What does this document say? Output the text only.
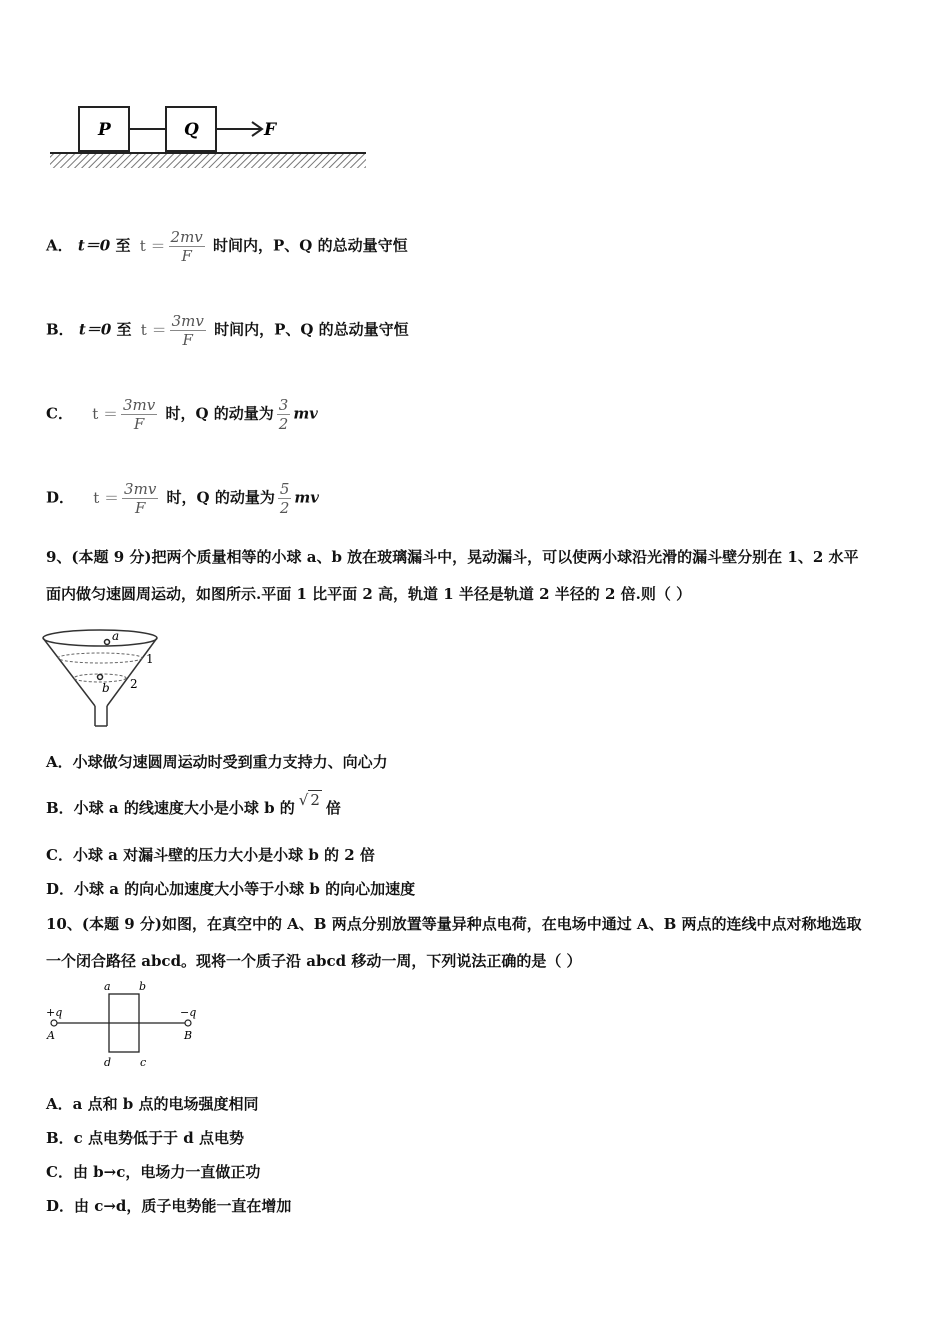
P	Q	F
A． t＝0 至 $t = \frac{2mv}{F}$ 时间内，P、Q 的总动量守恒
B． t＝0 至 $t = \frac{3mv}{F}$ 时间内，P、Q 的总动量守恒
C． $t = \frac{3mv}{F}$ 时，Q 的动量为 $\frac{3}{2}$ mv
D． $t = \frac{3mv}{F}$ 时，Q 的动量为 $\frac{5}{2}$ mv
9、(本题 9 分)把两个质量相等的小球 a、b 放在玻璃漏斗中，晃动漏斗，可以使两小球沿光滑的漏斗壁分别在 1、2 水平
面内做匀速圆周运动，如图所示.平面 1 比平面 2 高，轨道 1 半径是轨道 2 半径的 2 倍.则（ ）
a
b
1
2
A．小球做匀速圆周运动时受到重力支持力、向心力
B．小球 a 的线速度大小是小球 b 的 √ 2 倍
C．小球 a 对漏斗壁的压力大小是小球 b 的 2 倍
D．小球 a 的向心加速度大小等于小球 b 的向心加速度
10、(本题 9 分)如图，在真空中的 A、B 两点分别放置等量异种点电荷，在电场中通过 A、B 两点的连线中点对称地选取
一个闭合路径 abcd。现将一个质子沿 abcd 移动一周，下列说法正确的是（ ）
+q	−q
A	B
a	b
c
d
A．a 点和 b 点的电场强度相同
B．c 点电势低于于 d 点电势
C．由 b→c，电场力一直做正功
D．由 c→d，质子电势能一直在增加
